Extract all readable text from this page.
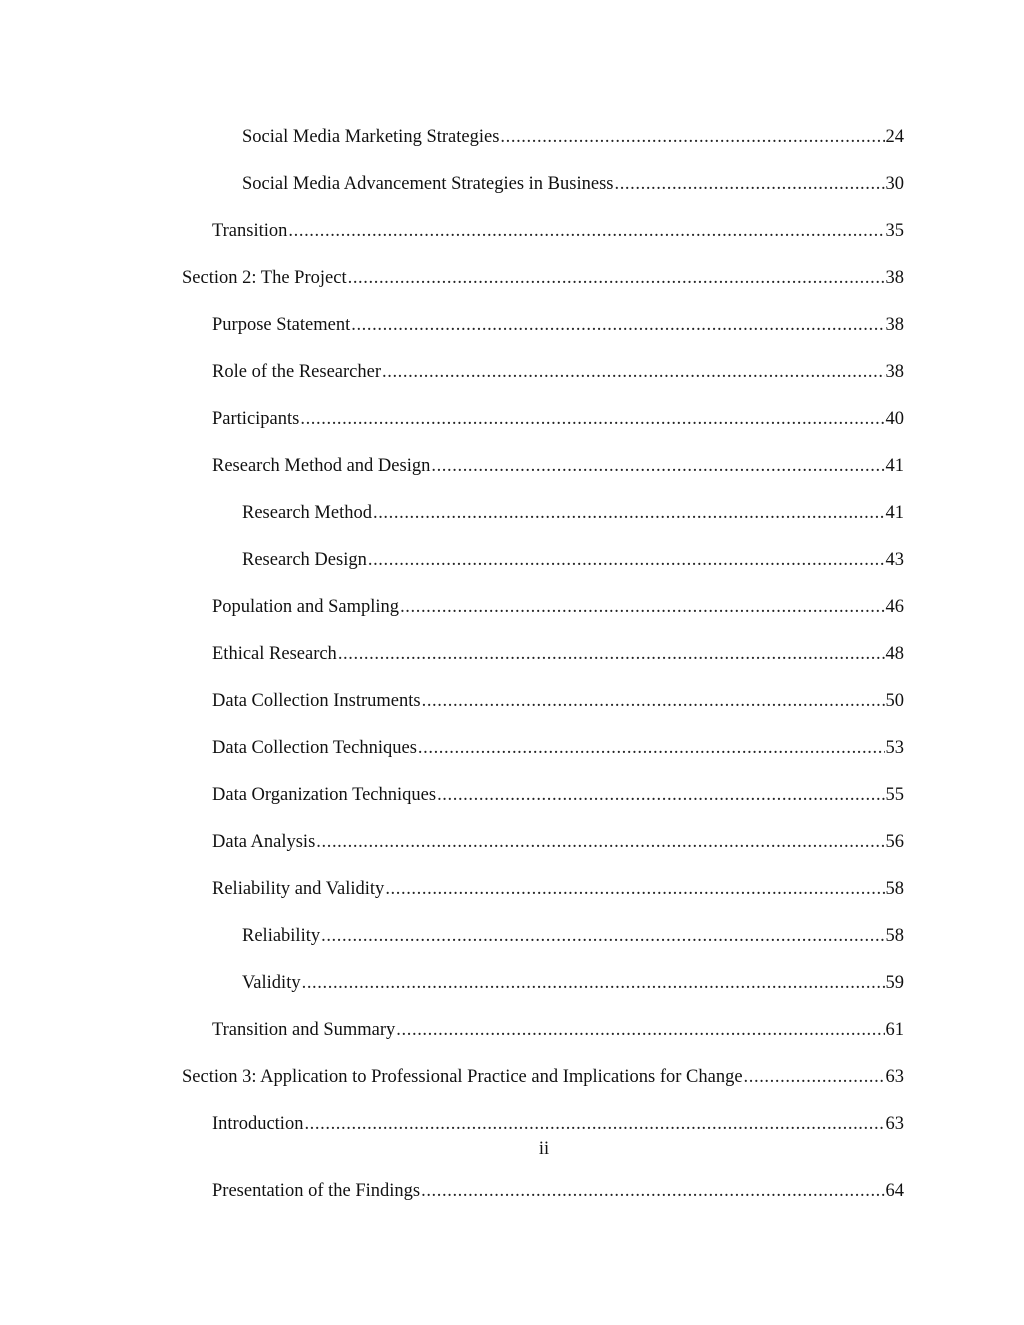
Social Media Marketing Strategies .....	24
Social Media Advancement Strategies in Business .....	30
Transition .....	35
Section 2: The Project .....	38
Purpose Statement .....	38
Role of the Researcher .....	38
Participants .....	40
Research Method and Design .....	41
Research Method .....	41
Research Design .....	43
Population and Sampling .....	46
Ethical Research .....	48
Data Collection Instruments .....	50
Data Collection Techniques .....	53
Data Organization Techniques .....	55
Data Analysis .....	56
Reliability and Validity .....	58
Reliability .....	58
Validity .....	59
Transition and Summary .....	61
Section 3: Application to Professional Practice and Implications for Change .....	63
Introduction .....	63
ii
Presentation of the Findings .....	64
